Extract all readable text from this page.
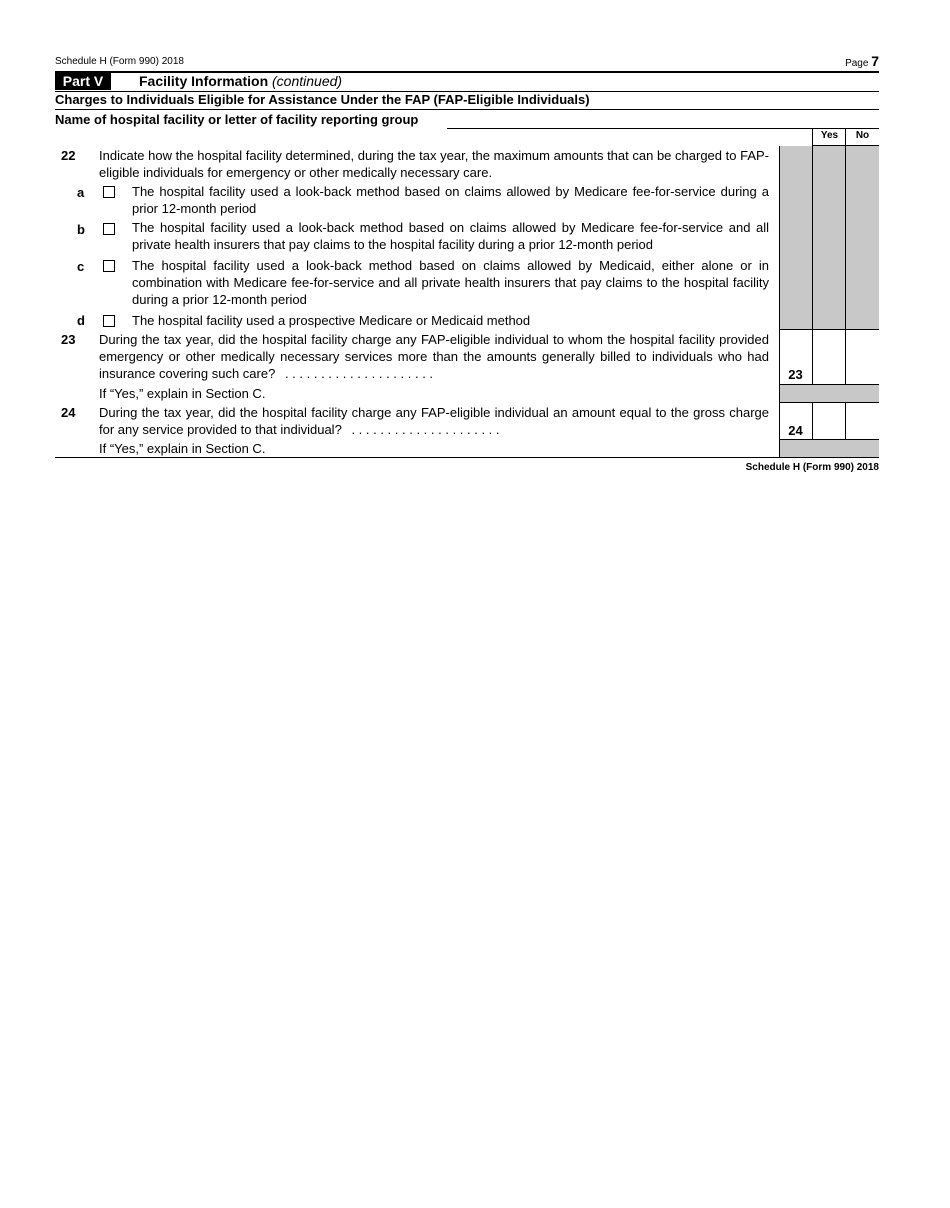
Schedule H (Form 990) 2018	Page 7
Part V	Facility Information (continued)
Charges to Individuals Eligible for Assistance Under the FAP (FAP-Eligible Individuals)
Name of hospital facility or letter of facility reporting group
Yes	No
22 Indicate how the hospital facility determined, during the tax year, the maximum amounts that can be charged to FAP-eligible individuals for emergency or other medically necessary care.
a	The hospital facility used a look-back method based on claims allowed by Medicare fee-for-service during a prior 12-month period
b	The hospital facility used a look-back method based on claims allowed by Medicare fee-for-service and all private health insurers that pay claims to the hospital facility during a prior 12-month period
c	The hospital facility used a look-back method based on claims allowed by Medicaid, either alone or in combination with Medicare fee-for-service and all private health insurers that pay claims to the hospital facility during a prior 12-month period
d	The hospital facility used a prospective Medicare or Medicaid method
23 During the tax year, did the hospital facility charge any FAP-eligible individual to whom the hospital facility provided emergency or other medically necessary services more than the amounts generally billed to individuals who had insurance covering such care? . . . . . . . . . . . . . . . . . . . . .	23
If “Yes,” explain in Section C.
24 During the tax year, did the hospital facility charge any FAP-eligible individual an amount equal to the gross charge for any service provided to that individual? . . . . . . . . . . . . . . . . . . . . .	24
If “Yes,” explain in Section C.
Schedule H (Form 990) 2018
